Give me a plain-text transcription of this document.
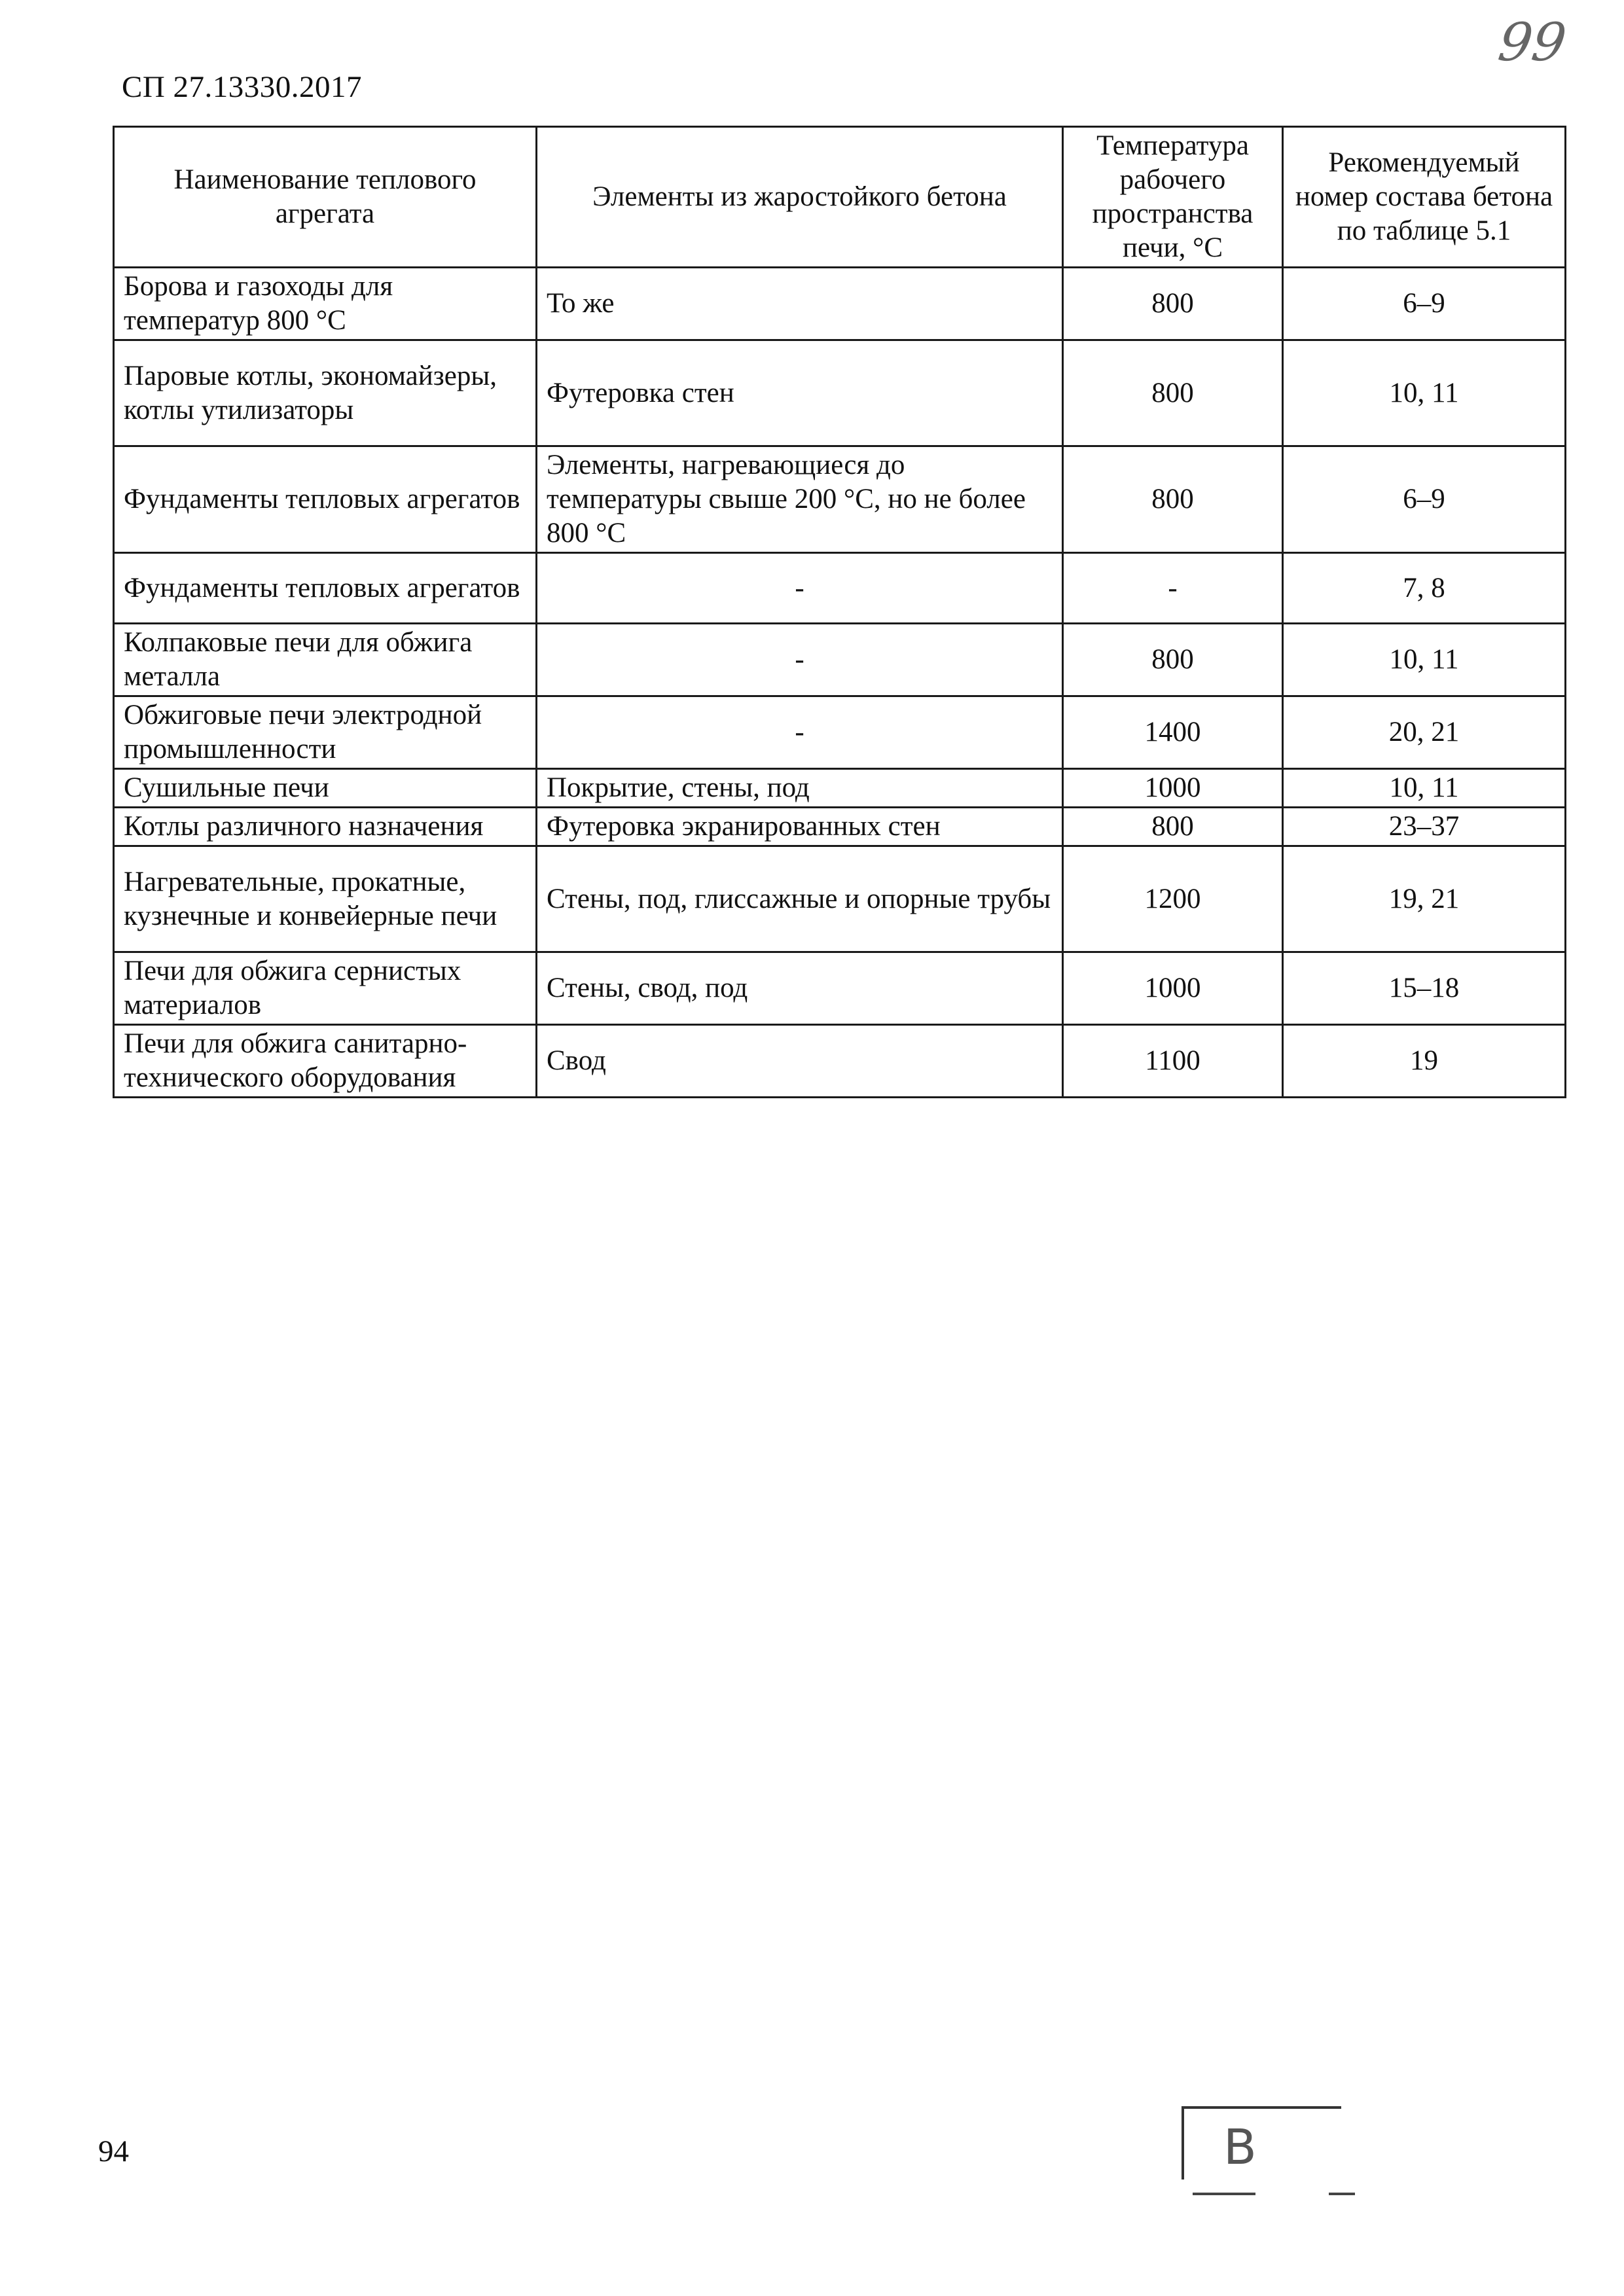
СП 27.13330.2017
99
Наименование теплового агрегата	Элементы из жаростойкого бетона	Температура рабочего пространства печи, °С	Рекомендуемый номер состава бетона по таблице 5.1
Борова и газоходы для температур 800 °С	То же	800	6–9
Паровые котлы, экономайзеры, котлы утилизаторы	Футеровка стен	800	10, 11
Фундаменты тепловых агрегатов	Элементы, нагревающиеся до температуры свыше 200 °С, но не более 800 °С	800	6–9
Фундаменты тепловых агрегатов	-	-	7, 8
Колпаковые печи для обжига металла	-	800	10, 11
Обжиговые печи электродной промышленности	-	1400	20, 21
Сушильные печи	Покрытие, стены, под	1000	10, 11
Котлы различного назначения	Футеровка экранированных стен	800	23–37
Нагревательные, прокатные, кузнечные и конвейерные печи	Стены, под, глиссажные и опорные трубы	1200	19, 21
Печи для обжига сернистых материалов	Стены, свод, под	1000	15–18
Печи для обжига санитарно-технического оборудования	Свод	1100	19
94	В
